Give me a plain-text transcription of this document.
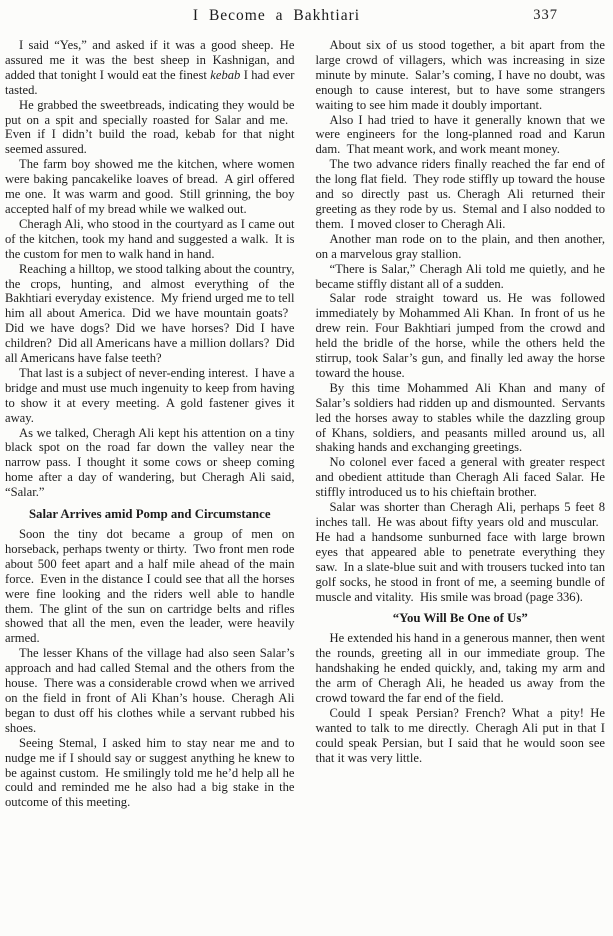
I Become a Bakhtiari	337

I said “Yes,” and asked if it was a good sheep. He assured me it was the best sheep in Kashnigan, and added that tonight I would eat the finest kebab I had ever tasted.

He grabbed the sweetbreads, indicating they would be put on a spit and specially roasted for Salar and me. Even if I didn’t build the road, kebab for that night seemed assured.

The farm boy showed me the kitchen, where women were baking pancakelike loaves of bread. A girl offered me one. It was warm and good. Still grinning, the boy accepted half of my bread while we walked out.

Cheragh Ali, who stood in the courtyard as I came out of the kitchen, took my hand and suggested a walk. It is the custom for men to walk hand in hand.

Reaching a hilltop, we stood talking about the country, the crops, hunting, and almost everything of the Bakhtiari everyday existence. My friend urged me to tell him all about America. Did we have mountain goats? Did we have dogs? Did we have horses? Did I have children? Did all Americans have a million dollars? Did all Americans have false teeth?

That last is a subject of never-ending interest. I have a bridge and must use much ingenuity to keep from having to show it at every meeting. A gold fastener gives it away.

As we talked, Cheragh Ali kept his attention on a tiny black spot on the road far down the valley near the narrow pass. I thought it some cows or sheep coming home after a day of wandering, but Cheragh Ali said, “Salar.”

Salar Arrives amid Pomp and Circumstance

Soon the tiny dot became a group of men on horseback, perhaps twenty or thirty. Two front men rode about 500 feet apart and a half mile ahead of the main force. Even in the distance I could see that all the horses were fine looking and the riders well able to handle them. The glint of the sun on cartridge belts and rifles showed that all the men, even the leader, were heavily armed.

The lesser Khans of the village had also seen Salar’s approach and had called Stemal and the others from the house. There was a considerable crowd when we arrived on the field in front of Ali Khan’s house. Cheragh Ali began to dust off his clothes while a servant rubbed his shoes.

Seeing Stemal, I asked him to stay near me and to nudge me if I should say or suggest anything he knew to be against custom. He smilingly told me he’d help all he could and reminded me he also had a big stake in the outcome of this meeting.

About six of us stood together, a bit apart from the large crowd of villagers, which was increasing in size minute by minute. Salar’s coming, I have no doubt, was enough to cause interest, but to have some strangers waiting to see him made it doubly important.

Also I had tried to have it generally known that we were engineers for the long-planned road and Karun dam. That meant work, and work meant money.

The two advance riders finally reached the far end of the long flat field. They rode stiffly up toward the house and so directly past us. Cheragh Ali returned their greeting as they rode by us. Stemal and I also nodded to them. I moved closer to Cheragh Ali.

Another man rode on to the plain, and then another, on a marvelous gray stallion.

“There is Salar,” Cheragh Ali told me quietly, and he became stiffly distant all of a sudden.

Salar rode straight toward us. He was followed immediately by Mohammed Ali Khan. In front of us he drew rein. Four Bakhtiari jumped from the crowd and held the bridle of the horse, while the others held the stirrup, took Salar’s gun, and finally led away the horse toward the house.

By this time Mohammed Ali Khan and many of Salar’s soldiers had ridden up and dismounted. Servants led the horses away to stables while the dazzling group of Khans, soldiers, and peasants milled around us, all shaking hands and exchanging greetings.

No colonel ever faced a general with greater respect and obedient attitude than Cheragh Ali faced Salar. He stiffly introduced us to his chieftain brother.

Salar was shorter than Cheragh Ali, perhaps 5 feet 8 inches tall. He was about fifty years old and muscular. He had a handsome sunburned face with large brown eyes that appeared able to penetrate everything they saw. In a slate-blue suit and with trousers tucked into tan golf socks, he stood in front of me, a seeming bundle of muscle and vitality. His smile was broad (page 336).

“You Will Be One of Us”

He extended his hand in a generous manner, then went the rounds, greeting all in our immediate group. The handshaking he ended quickly, and, taking my arm and the arm of Cheragh Ali, he headed us away from the crowd toward the far end of the field.

Could I speak Persian? French? What a pity! He wanted to talk to me directly. Cheragh Ali put in that I could speak Persian, but I said that he would soon see that it was very little.
